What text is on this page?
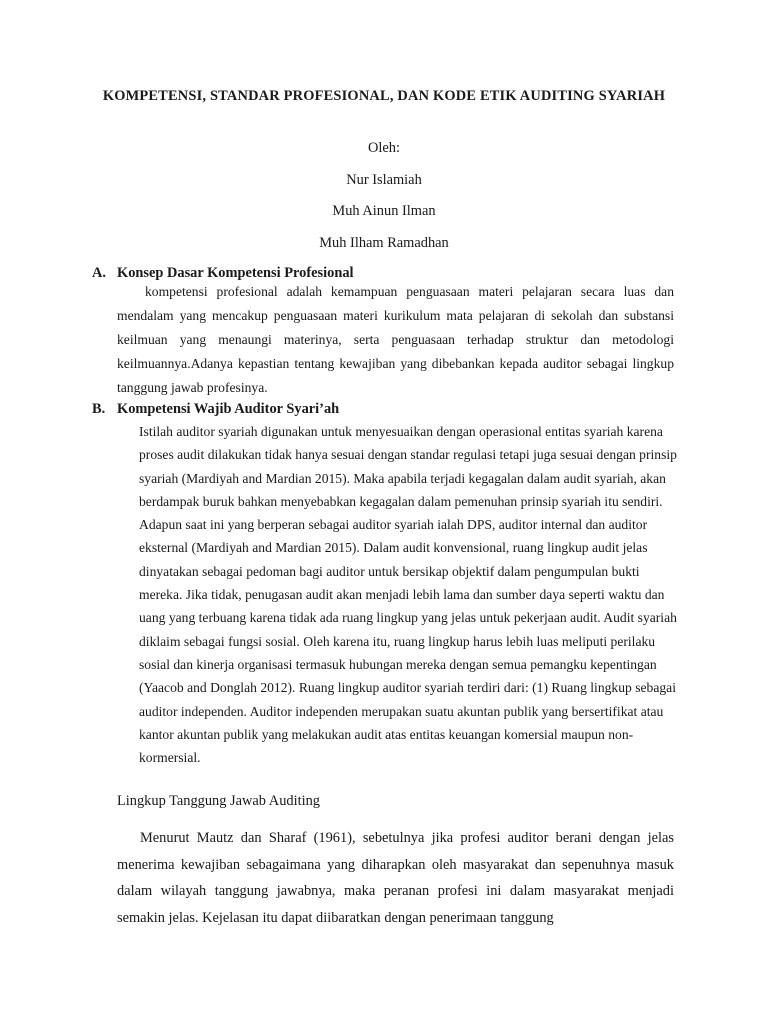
KOMPETENSI, STANDAR PROFESIONAL, DAN KODE ETIK AUDITING SYARIAH
Oleh:
Nur Islamiah
Muh Ainun Ilman
Muh Ilham Ramadhan
A. Konsep Dasar Kompetensi Profesional

kompetensi profesional adalah kemampuan penguasaan materi pelajaran secara luas dan mendalam yang mencakup penguasaan materi kurikulum mata pelajaran di sekolah dan substansi keilmuan yang menaungi materinya, serta penguasaan terhadap struktur dan metodologi keilmuannya.Adanya kepastian tentang kewajiban yang dibebankan kepada auditor sebagai lingkup tanggung jawab profesinya.

B. Kompetensi Wajib Auditor Syari’ah

Istilah auditor syariah digunakan untuk menyesuaikan dengan operasional entitas syariah karena proses audit dilakukan tidak hanya sesuai dengan standar regulasi tetapi juga sesuai dengan prinsip syariah (Mardiyah and Mardian 2015). Maka apabila terjadi kegagalan dalam audit syariah, akan berdampak buruk bahkan menyebabkan kegagalan dalam pemenuhan prinsip syariah itu sendiri. Adapun saat ini yang berperan sebagai auditor syariah ialah DPS, auditor internal dan auditor eksternal (Mardiyah and Mardian 2015). Dalam audit konvensional, ruang lingkup audit jelas dinyatakan sebagai pedoman bagi auditor untuk bersikap objektif dalam pengumpulan bukti mereka. Jika tidak, penugasan audit akan menjadi lebih lama dan sumber daya seperti waktu dan uang yang terbuang karena tidak ada ruang lingkup yang jelas untuk pekerjaan audit. Audit syariah diklaim sebagai fungsi sosial. Oleh karena itu, ruang lingkup harus lebih luas meliputi perilaku sosial dan kinerja organisasi termasuk hubungan mereka dengan semua pemangku kepentingan (Yaacob and Donglah 2012). Ruang lingkup auditor syariah terdiri dari: (1) Ruang lingkup sebagai auditor independen. Auditor independen merupakan suatu akuntan publik yang bersertifikat atau kantor akuntan publik yang melakukan audit atas entitas keuangan komersial maupun non-kormersial.

Lingkup Tanggung Jawab Auditing

Menurut Mautz dan Sharaf (1961), sebetulnya jika profesi auditor berani dengan jelas menerima kewajiban sebagaimana yang diharapkan oleh masyarakat dan sepenuhnya masuk dalam wilayah tanggung jawabnya, maka peranan profesi ini dalam masyarakat menjadi semakin jelas. Kejelasan itu dapat diibaratkan dengan penerimaan tanggung
